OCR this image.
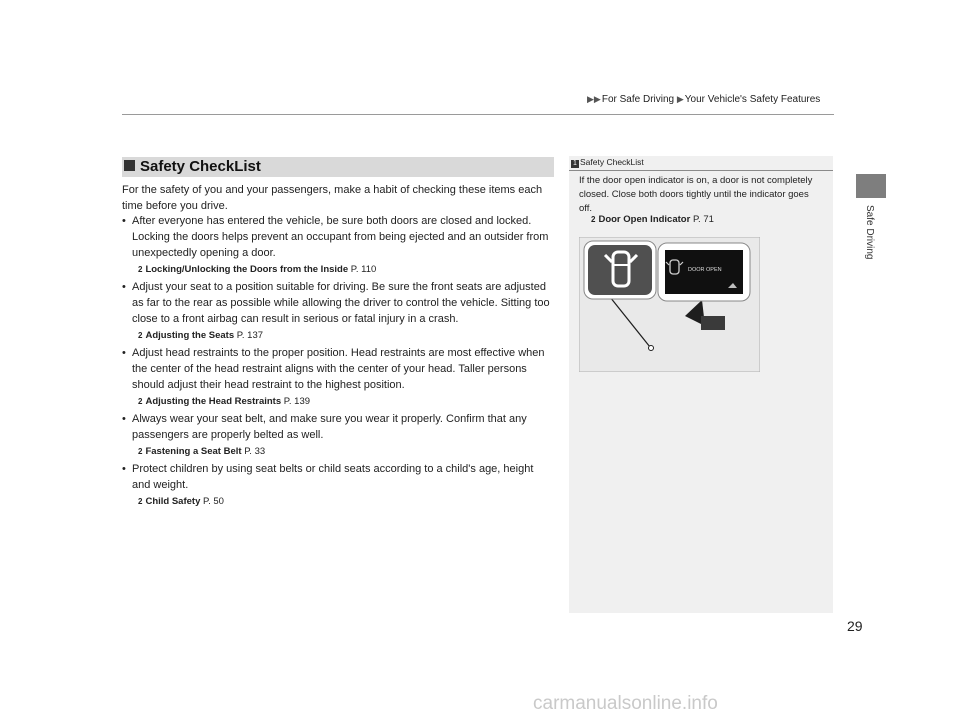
▶▶For Safe Driving ▶Your Vehicle's Safety Features
Safe Driving
Safety CheckList

For the safety of you and your passengers, make a habit of checking these items each time before you drive.

• After everyone has entered the vehicle, be sure both doors are closed and locked. Locking the doors helps prevent an occupant from being ejected and an outsider from unexpectedly opening a door.
2 Locking/Unlocking the Doors from the Inside P. 110
• Adjust your seat to a position suitable for driving. Be sure the front seats are adjusted as far to the rear as possible while allowing the driver to control the vehicle. Sitting too close to a front airbag can result in serious or fatal injury in a crash.
2 Adjusting the Seats P. 137
• Adjust head restraints to the proper position. Head restraints are most effective when the center of the head restraint aligns with the center of your head. Taller persons should adjust their head restraint to the highest position.
2 Adjusting the Head Restraints P. 139
• Always wear your seat belt, and make sure you wear it properly. Confirm that any passengers are properly belted as well.
2 Fastening a Seat Belt P. 33
• Protect children by using seat belts or child seats according to a child's age, height and weight.
2 Child Safety P. 50
1 Safety CheckList

If the door open indicator is on, a door is not completely closed. Close both doors tightly until the indicator goes off.

2 Door Open Indicator P. 71
DOOR OPEN
29
carmanualsonline.info
